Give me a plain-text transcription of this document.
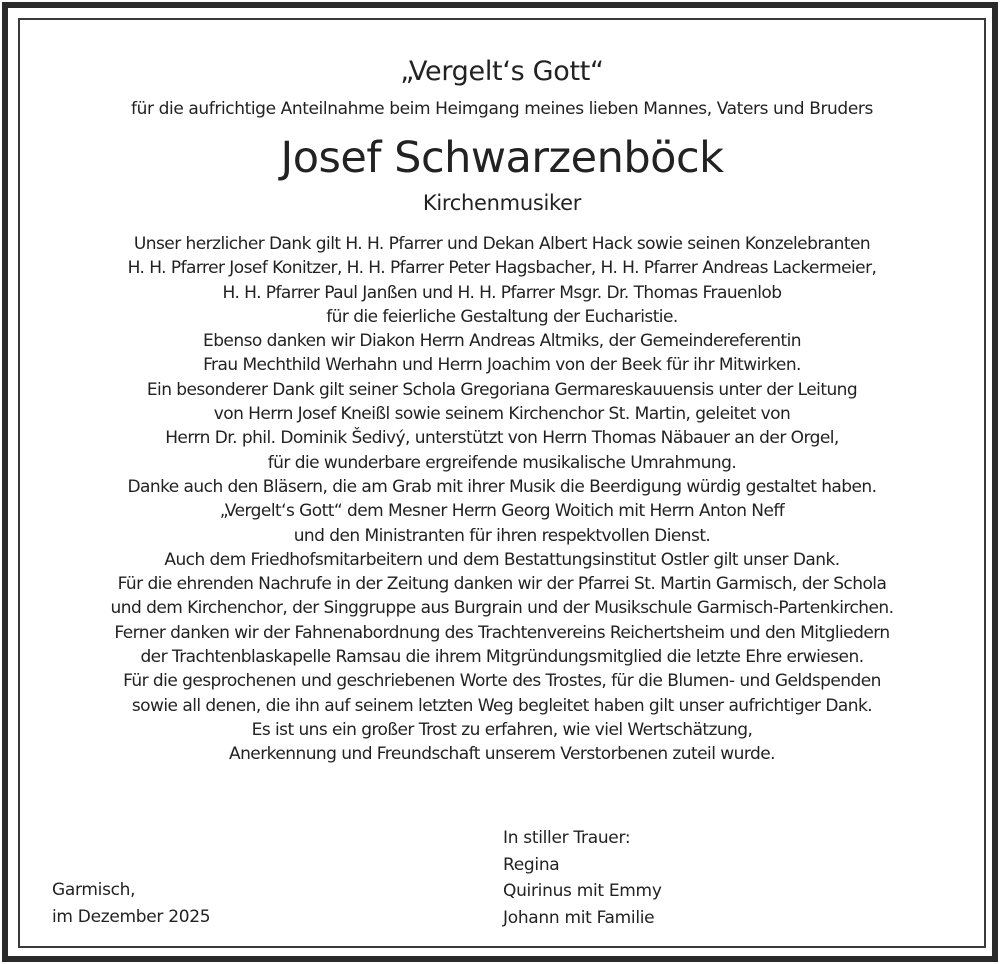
„Vergelt‘s Gott“
für die aufrichtige Anteilnahme beim Heimgang meines lieben Mannes, Vaters und Bruders
Josef Schwarzenböck
Kirchenmusiker
Unser herzlicher Dank gilt H. H. Pfarrer und Dekan Albert Hack sowie seinen Konzelebranten
H. H. Pfarrer Josef Konitzer, H. H. Pfarrer Peter Hagsbacher, H. H. Pfarrer Andreas Lackermeier,
H. H. Pfarrer Paul Janßen und H. H. Pfarrer Msgr. Dr. Thomas Frauenlob
für die feierliche Gestaltung der Eucharistie.
Ebenso danken wir Diakon Herrn Andreas Altmiks, der Gemeindereferentin
Frau Mechthild Werhahn und Herrn Joachim von der Beek für ihr Mitwirken.
Ein besonderer Dank gilt seiner Schola Gregoriana Germareskauuensis unter der Leitung
von Herrn Josef Kneißl sowie seinem Kirchenchor St. Martin, geleitet von
Herrn Dr. phil. Dominik Šedivý, unterstützt von Herrn Thomas Näbauer an der Orgel,
für die wunderbare ergreifende musikalische Umrahmung.
Danke auch den Bläsern, die am Grab mit ihrer Musik die Beerdigung würdig gestaltet haben.
„Vergelt‘s Gott“ dem Mesner Herrn Georg Woitich mit Herrn Anton Neff
und den Ministranten für ihren respektvollen Dienst.
Auch dem Friedhofsmitarbeitern und dem Bestattungsinstitut Ostler gilt unser Dank.
Für die ehrenden Nachrufe in der Zeitung danken wir der Pfarrei St. Martin Garmisch, der Schola
und dem Kirchenchor, der Singgruppe aus Burgrain und der Musikschule Garmisch-Partenkirchen.
Ferner danken wir der Fahnenabordnung des Trachtenvereins Reichertsheim und den Mitgliedern
der Trachtenblaskapelle Ramsau die ihrem Mitgründungsmitglied die letzte Ehre erwiesen.
Für die gesprochenen und geschriebenen Worte des Trostes, für die Blumen- und Geldspenden
sowie all denen, die ihn auf seinem letzten Weg begleitet haben gilt unser aufrichtiger Dank.
Es ist uns ein großer Trost zu erfahren, wie viel Wertschätzung,
Anerkennung und Freundschaft unserem Verstorbenen zuteil wurde.
Garmisch,
im Dezember 2025
In stiller Trauer:
Regina
Quirinus mit Emmy
Johann mit Familie
